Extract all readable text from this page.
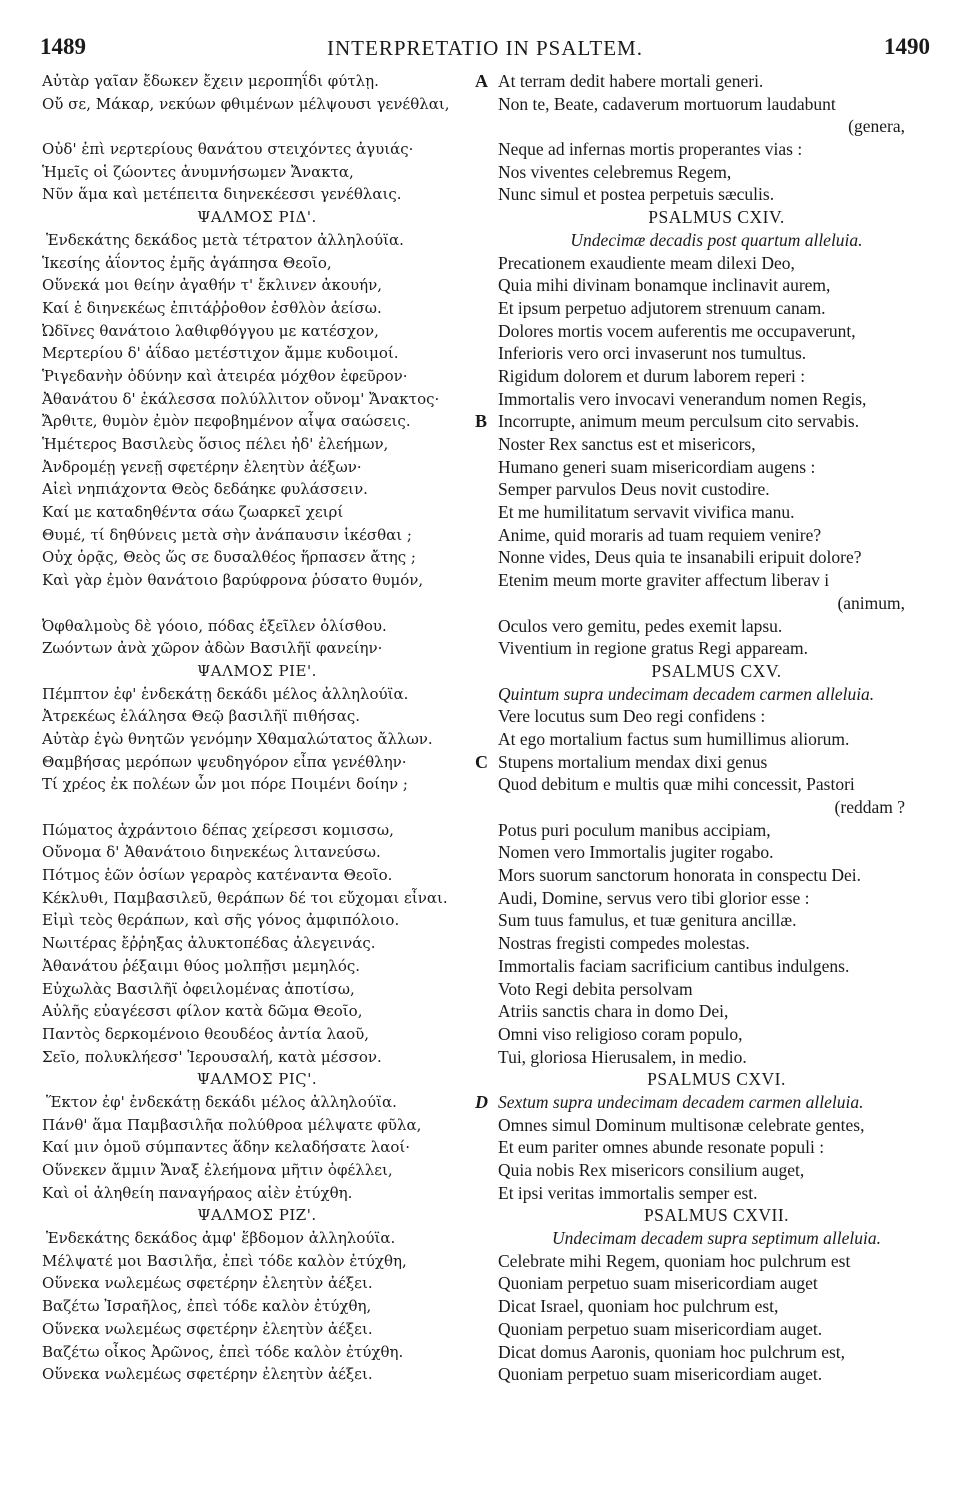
1489	INTERPRETATIO IN PSALTEM.	1490
Αὐτὰρ γαῖαν ἔδωκεν ἔχειν μεροπηΐδι φύτλῃ.
Οὔ σε, Μάκαρ, νεκύων φθιμένων μέλψουσι γενέθλαι,
Οὐδ' ἐπὶ νερτερίους θανάτου στειχόντες ἀγυιάς·
Ἡμεῖς οἱ ζώοντες ἀνυμνήσωμεν Ἄνακτα,
Νῦν ἅμα καὶ μετέπειτα διηνεκέεσσι γενέθλαις.
ΨΑΛΜΟΣ ΡΙΔ'.
Ἑνδεκάτης δεκάδος μετὰ τέτρατον ἀλληλούϊα.
Ἱκεσίης ἀΐοντος ἐμῆς ἀγάπησα Θεοῖο,
Οὕνεκά μοι θείην ἀγαθήν τ' ἔκλινεν ἀκουήν,
Καί ἑ διηνεκέως ἐπιτάῤῥοθον ἐσθλὸν ἀείσω.
Ὠδῖνες θανάτοιο λαθιφθόγγου με κατέσχον,
Μερτερίου δ' ἀΐδαο μετέστιχον ἄμμε κυδοιμοί.
Ῥιγεδανὴν ὀδύνην καὶ ἀτειρέα μόχθον ἐφεῦρον·
Ἀθανάτου δ' ἐκάλεσσα πολύλλιτον οὔνομ' Ἄνακτος·
Ἄρθιτε, θυμὸν ἐμὸν πεφοβημένον αἶψα σαώσεις.
Ἡμέτερος Βασιλεὺς ὅσιος πέλει ἠδ' ἐλεήμων,
Ἀνδρομέῃ γενεῇ σφετέρην ἐλεητὺν ἀέξων·
Αἰεὶ νηπιάχοντα Θεὸς δεδάηκε φυλάσσειν.
Καί με καταδηθέντα σάω ζωαρκεῖ χειρί
Θυμέ, τί δηθύνεις μετὰ σὴν ἀνάπαυσιν ἱκέσθαι ;
Οὐχ ὁρᾷς, Θεὸς ὥς σε δυσαλθέος ἥρπασεν ἄτης ;
Καὶ γὰρ ἐμὸν θανάτοιο βαρύφρονα ῥύσατο θυμόν,
Ὀφθαλμοὺς δὲ γόοιο, πόδας ἐξεῖλεν ὀλίσθου.
Ζωόντων ἀνὰ χῶρον ἀδὼν Βασιλῆϊ φανείην·
ΨΑΛΜΟΣ ΡΙΕ'.
Πέμπτον ἐφ' ἑνδεκάτῃ δεκάδι μέλος ἀλληλούϊα.
Ἀτρεκέως ἐλάλησα Θεῷ βασιλῆϊ πιθήσας.
Αὐτὰρ ἐγὼ θνητῶν γενόμην Χθαμαλώτατος ἄλλων.
Θαμβήσας μερόπων ψευδηγόρον εἶπα γενέθλην·
Τί χρέος ἐκ πολέων ὧν μοι πόρε Ποιμένι δοίην ;
Πώματος ἀχράντοιο δέπας χείρεσσι κομισσω,
Οὔνομα δ' Ἀθανάτοιο διηνεκέως λιτανεύσω.
Πότμος ἑῶν ὁσίων γεραρὸς κατέναντα Θεοῖο.
Κέκλυθι, Παμβασιλεῦ, θεράπων δέ τοι εὔχομαι εἶναι.
Εἰμὶ τεὸς θεράπων, καὶ σῆς γόνος ἀμφιπόλοιο.
Νωιτέρας ἔῤῥηξας ἀλυκτοπέδας ἀλεγεινάς.
Ἀθανάτου ῥέξαιμι θύος μολπῇσι μεμηλός.
Εὐχωλὰς Βασιλῆϊ ὀφειλομένας ἀποτίσω,
Αὐλῆς εὐαγέεσσι φίλον κατὰ δῶμα Θεοῖο,
Παντὸς δερκομένοιο θεουδέος ἀντία λαοῦ,
Σεῖο, πολυκλήεσσ' Ἱερουσαλή, κατὰ μέσσον.
ΨΑΛΜΟΣ ΡΙϚ'.
Ἕκτον ἐφ' ἑνδεκάτῃ δεκάδι μέλος ἀλληλούϊα.
Πάνθ' ἅμα Παμβασιλῆα πολύθροα μέλψατε φῦλα,
Καί μιν ὁμοῦ σύμπαντες ἅδην κελαδήσατε λαοί·
Οὕνεκεν ἄμμιν Ἄναξ ἐλεήμονα μῆτιν ὀφέλλει,
Καὶ οἱ ἀληθείη παναγήραος αἰὲν ἐτύχθη.
ΨΑΛΜΟΣ ΡΙΖ'.
Ἑνδεκάτης δεκάδος ἀμφ' ἕβδομον ἀλληλούϊα.
Μέλψατέ μοι Βασιλῆα, ἐπεὶ τόδε καλὸν ἐτύχθη,
Οὕνεκα νωλεμέως σφετέρην ἐλεητὺν ἀέξει.
Βαζέτω Ἰσραῆλος, ἐπεὶ τόδε καλὸν ἐτύχθη,
Οὕνεκα νωλεμέως σφετέρην ἐλεητὺν ἀέξει.
Βαζέτω οἶκος Ἀρῶνος, ἐπεὶ τόδε καλὸν ἐτύχθη.
Οὕνεκα νωλεμέως σφετέρην ἐλεητὺν ἀέξει.
A At terram dedit habere mortali generi.
Non te, Beate, cadaverum mortuorum laudabunt
(genera,
Neque ad infernas mortis properantes vias :
Nos viventes celebremus Regem,
Nunc simul et postea perpetuis sæculis.
PSALMUS CXIV.
Undecimæ decadis post quartum alleluia.
Precationem exaudiente meam dilexi Deo,
Quia mihi divinam bonamque inclinavit aurem,
Et ipsum perpetuo adjutorem strenuum canam.
Dolores mortis vocem auferentis me occupaverunt,
Inferioris vero orci invaserunt nos tumultus.
Rigidum dolorem et durum laborem reperi :
Immortalis vero invocavi venerandum nomen Regis,
B Incorrupte, animum meum perculsum cito servabis.
Noster Rex sanctus est et misericors,
Humano generi suam misericordiam augens :
Semper parvulos Deus novit custodire.
Et me humilitatum servavit vivifica manu.
Anime, quid moraris ad tuam requiem venire?
Nonne vides, Deus quia te insanabili eripuit dolore?
Etenim meum morte graviter affectum liberav i
(animum,
Oculos vero gemitu, pedes exemit lapsu.
Viventium in regione gratus Regi appaream.
PSALMUS CXV.
Quintum supra undecimam decadem carmen alleluia.
Vere locutus sum Deo regi confidens :
At ego mortalium factus sum humillimus aliorum.
C Stupens mortalium mendax dixi genus
Quod debitum e multis quæ mihi concessit, Pastori
(reddam ?
Potus puri poculum manibus accipiam,
Nomen vero Immortalis jugiter rogabo.
Mors suorum sanctorum honorata in conspectu Dei.
Audi, Domine, servus vero tibi glorior esse :
Sum tuus famulus, et tuæ genitura ancillæ.
Nostras fregisti compedes molestas.
Immortalis faciam sacrificium cantibus indulgens.
Voto Regi debita persolvam
Atriis sanctis chara in domo Dei,
Omni viso religioso coram populo,
Tui, gloriosa Hierusalem, in medio.
PSALMUS CXVI.
D Sextum supra undecimam decadem carmen alleluia.
Omnes simul Dominum multisonæ celebrate gentes,
Et eum pariter omnes abunde resonate populi :
Quia nobis Rex misericors consilium auget,
Et ipsi veritas immortalis semper est.
PSALMUS CXVII.
Undecimam decadem supra septimum alleluia.
Celebrate mihi Regem, quoniam hoc pulchrum est
Quoniam perpetuo suam misericordiam auget
Dicat Israel, quoniam hoc pulchrum est,
Quoniam perpetuo suam misericordiam auget.
Dicat domus Aaronis, quoniam hoc pulchrum est,
Quoniam perpetuo suam misericordiam auget.
